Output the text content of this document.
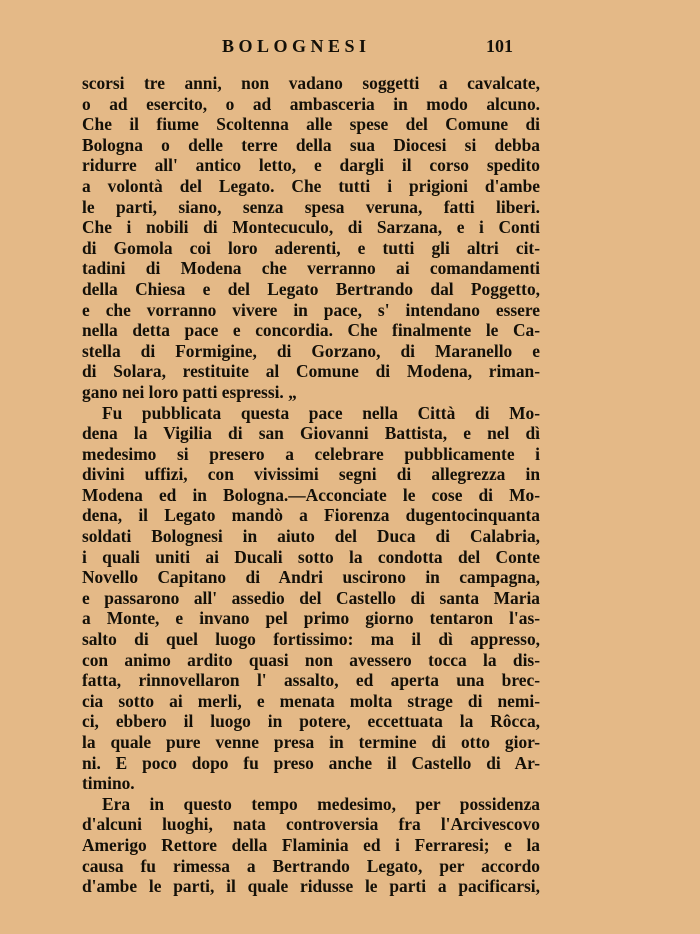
BOLOGNESI	101
scorsi tre anni, non vadano soggetti a cavalcate,
o ad esercito, o ad ambasceria in modo alcuno.
Che il fiume Scoltenna alle spese del Comune di
Bologna o delle terre della sua Diocesi si debba
ridurre all' antico letto, e dargli il corso spedito
a volontà del Legato. Che tutti i prigioni d'ambe
le parti, siano, senza spesa veruna, fatti liberi.
Che i nobili di Montecuculo, di Sarzana, e i Conti
di Gomola coi loro aderenti, e tutti gli altri cit-
tadini di Modena che verranno ai comandamenti
della Chiesa e del Legato Bertrando dal Poggetto,
e che vorranno vivere in pace, s' intendano essere
nella detta pace e concordia. Che finalmente le Ca-
stella di Formigine, di Gorzano, di Maranello e
di Solara, restituite al Comune di Modena, riman-
gano nei loro patti espressi. „
Fu pubblicata questa pace nella Città di Mo-
dena la Vigilia di san Giovanni Battista, e nel dì
medesimo si presero a celebrare pubblicamente i
divini uffizi, con vivissimi segni di allegrezza in
Modena ed in Bologna.—Acconciate le cose di Mo-
dena, il Legato mandò a Fiorenza dugentocinquanta
soldati Bolognesi in aiuto del Duca di Calabria,
i quali uniti ai Ducali sotto la condotta del Conte
Novello Capitano di Andri uscirono in campagna,
e passarono all' assedio del Castello di santa Maria
a Monte, e invano pel primo giorno tentaron l'as-
salto di quel luogo fortissimo: ma il dì appresso,
con animo ardito quasi non avessero tocca la dis-
fatta, rinnovellaron l' assalto, ed aperta una brec-
cia sotto ai merli, e menata molta strage di nemi-
ci, ebbero il luogo in potere, eccettuata la Rôcca,
la quale pure venne presa in termine di otto gior-
ni. E poco dopo fu preso anche il Castello di Ar-
timino.
Era in questo tempo medesimo, per possidenza
d'alcuni luoghi, nata controversia fra l'Arcivescovo
Amerigo Rettore della Flaminia ed i Ferraresi; e la
causa fu rimessa a Bertrando Legato, per accordo
d'ambe le parti, il quale ridusse le parti a pacificarsi,
